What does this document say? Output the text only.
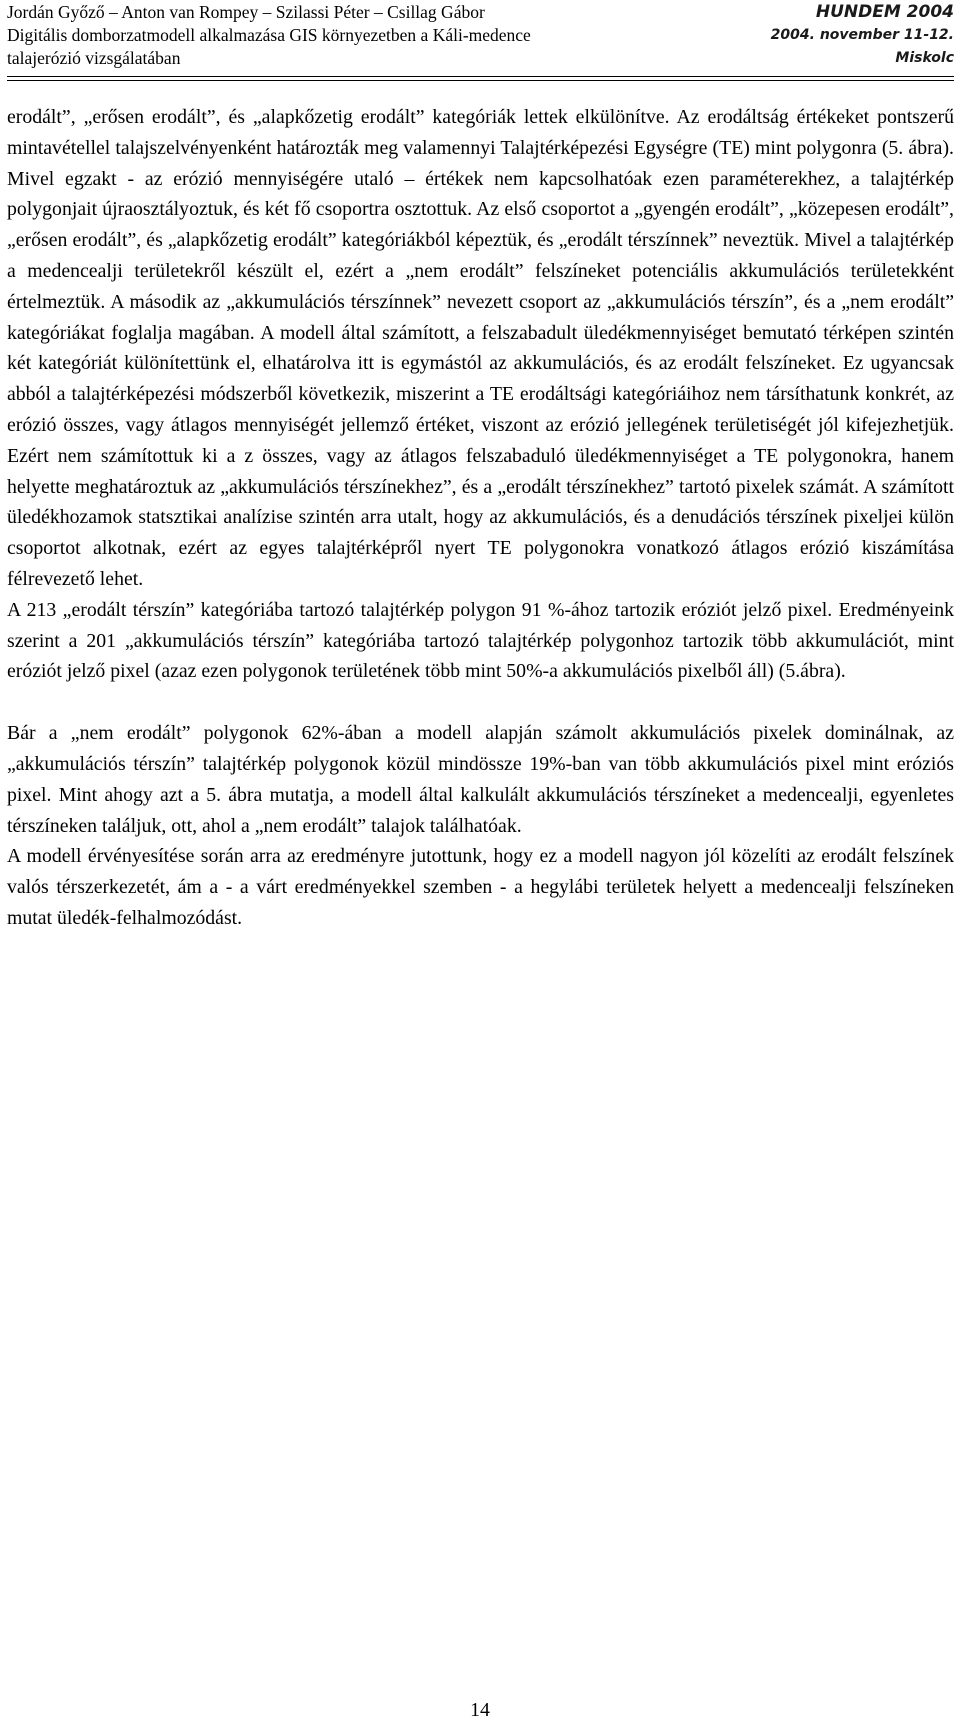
Jordán Győző – Anton van Rompey – Szilassi Péter – Csillag Gábor
Digitális domborzatmodell alkalmazása GIS környezetben a Káli-medence
talajerózió vizsgálatában
HUNDEM 2004
2004. november 11-12.
Miskolc

erodált”, „erősen erodált”, és „alapkőzetig erodált” kategóriák lettek elkülönítve. Az erodáltság értékeket pontszerű mintavétellel talajszelvényenként határozták meg valamennyi Talajtérképezési Egységre (TE) mint polygonra (5. ábra). Mivel egzakt - az erózió mennyiségére utaló – értékek nem kapcsolhatóak ezen paraméterekhez, a talajtérkép polygonjait újraosztályoztuk, és két fő csoportra osztottuk. Az első csoportot a „gyengén erodált”, „közepesen erodált”, „erősen erodált”, és „alapkőzetig erodált” kategóriákból képeztük, és „erodált térszínnek” neveztük. Mivel a talajtérkép a medencealji területekről készült el, ezért a „nem erodált” felszíneket potenciális akkumulációs területekként értelmeztük. A második az „akkumulációs térszínnek” nevezett csoport az „akkumulációs térszín”, és a „nem erodált” kategóriákat foglalja magában. A modell által számított, a felszabadult üledékmennyiséget bemutató térképen szintén két kategóriát különítettünk el, elhatárolva itt is egymástól az akkumulációs, és az erodált felszíneket. Ez ugyancsak abból a talajtérképezési módszerből következik, miszerint a TE erodáltsági kategóriáihoz nem társíthatunk konkrét, az erózió összes, vagy átlagos mennyiségét jellemző értéket, viszont az erózió jellegének területiségét jól kifejezhetjük. Ezért nem számítottuk ki a z összes, vagy az átlagos felszabaduló üledékmennyiséget a TE polygonokra, hanem helyette meghatároztuk az „akkumulációs térszínekhez”, és a „erodált térszínekhez” tartotó pixelek számát. A számított üledékhozamok statsztikai analízise szintén arra utalt, hogy az akkumulációs, és a denudációs térszínek pixeljei külön csoportot alkotnak, ezért az egyes talajtérképről nyert TE polygonokra vonatkozó átlagos erózió kiszámítása félrevezető lehet.

A 213 „erodált térszín” kategóriába tartozó talajtérkép polygon 91 %-ához tartozik eróziót jelző pixel. Eredményeink szerint a 201 „akkumulációs térszín” kategóriába tartozó talajtérkép polygonhoz tartozik több akkumulációt, mint eróziót jelző pixel (azaz ezen polygonok területének több mint 50%-a akkumulációs pixelből áll) (5.ábra).

Bár a „nem erodált” polygonok 62%-ában a modell alapján számolt akkumulációs pixelek dominálnak, az „akkumulációs térszín” talajtérkép polygonok közül mindössze 19%-ban van több akkumulációs pixel mint eróziós pixel. Mint ahogy azt a 5. ábra mutatja, a modell által kalkulált akkumulációs térszíneket a medencealji, egyenletes térszíneken találjuk, ott, ahol a „nem erodált” talajok találhatóak.

A modell érvényesítése során arra az eredményre jutottunk, hogy ez a modell nagyon jól közelíti az erodált felszínek valós térszerkezetét, ám a - a várt eredményekkel szemben - a hegylábi területek helyett a medencealji felszíneken mutat üledék-felhalmozódást.

14
